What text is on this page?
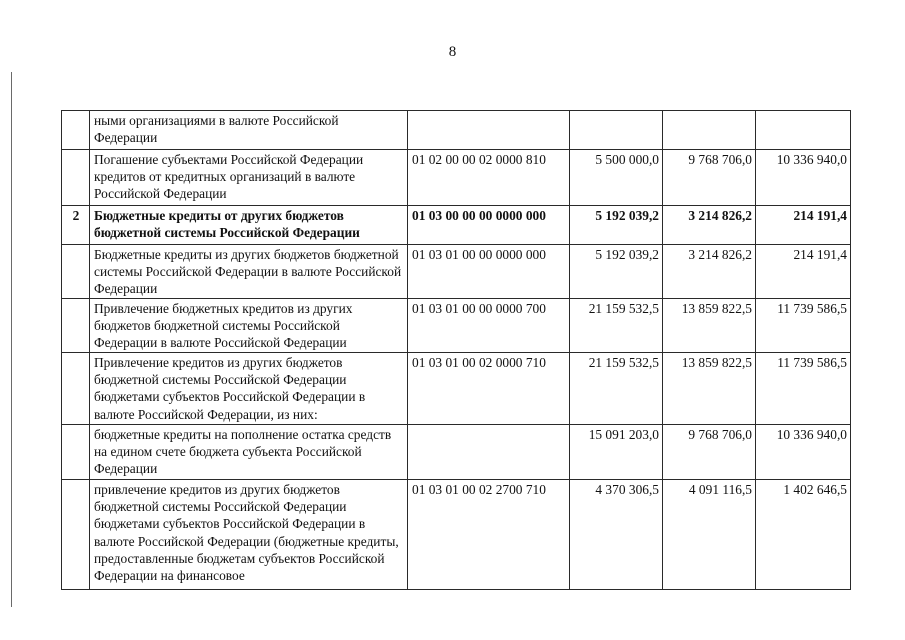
8
	ными организациями в валюте Российской Федерации				
	Погашение субъектами Российской Федерации кредитов от кредитных организаций в валюте Российской Федерации	01 02 00 00 02 0000 810	5 500 000,0	9 768 706,0	10 336 940,0
2	Бюджетные кредиты от других бюджетов бюджетной системы Российской Федерации	01 03 00 00 00 0000 000	5 192 039,2	3 214 826,2	214 191,4
	Бюджетные кредиты из других бюджетов бюджетной системы Российской Федерации в валюте Российской Федерации	01 03 01 00 00 0000 000	5 192 039,2	3 214 826,2	214 191,4
	Привлечение бюджетных кредитов из других бюджетов бюджетной системы Российской Федерации в валюте Российской Федерации	01 03 01 00 00 0000 700	21 159 532,5	13 859 822,5	11 739 586,5
	Привлечение кредитов из других бюджетов бюджетной системы Российской Федерации бюджетами субъектов Российской Федерации в валюте Российской Федерации, из них:	01 03 01 00 02 0000 710	21 159 532,5	13 859 822,5	11 739 586,5
	бюджетные кредиты на пополнение остатка средств на едином счете бюджета субъекта Российской Федерации		15 091 203,0	9 768 706,0	10 336 940,0
	привлечение кредитов из других бюджетов бюджетной системы Российской Федерации бюджетами субъектов Российской Федерации в валюте Российской Федерации (бюджетные кредиты, предоставленные бюджетам субъектов Российской Федерации на финансовое	01 03 01 00 02 2700 710	4 370 306,5	4 091 116,5	1 402 646,5
